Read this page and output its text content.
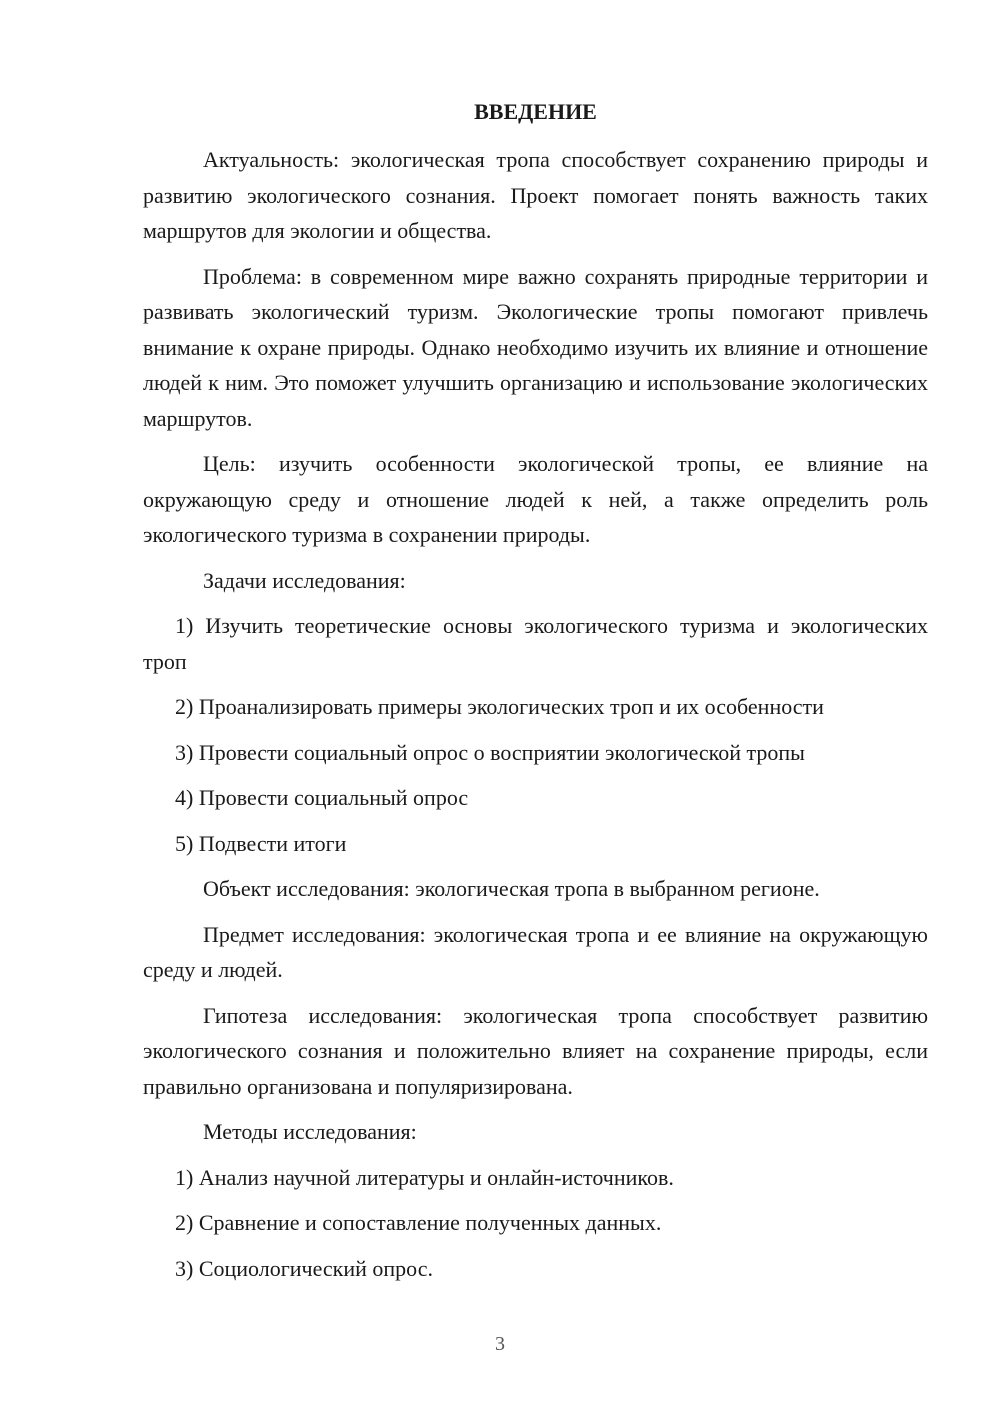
ВВЕДЕНИЕ

Актуальность: экологическая тропа способствует сохранению природы и развитию экологического сознания. Проект помогает понять важность таких маршрутов для экологии и общества.

Проблема: в современном мире важно сохранять природные территории и развивать экологический туризм. Экологические тропы помогают привлечь внимание к охране природы. Однако необходимо изучить их влияние и отношение людей к ним. Это поможет улучшить организацию и использование экологических маршрутов.

Цель: изучить особенности экологической тропы, ее влияние на окружающую среду и отношение людей к ней, а также определить роль экологического туризма в сохранении природы.

Задачи исследования:

1) Изучить теоретические основы экологического туризма и экологических троп

2) Проанализировать примеры экологических троп и их особенности

3) Провести социальный опрос о восприятии экологической тропы

4) Провести социальный опрос

5) Подвести итоги

Объект исследования: экологическая тропа в выбранном регионе.

Предмет исследования: экологическая тропа и ее влияние на окружающую среду и людей.

Гипотеза исследования: экологическая тропа способствует развитию экологического сознания и положительно влияет на сохранение природы, если правильно организована и популяризирована.

Методы исследования:

1) Анализ научной литературы и онлайн-источников.

2) Сравнение и сопоставление полученных данных.

3) Социологический опрос.

3
